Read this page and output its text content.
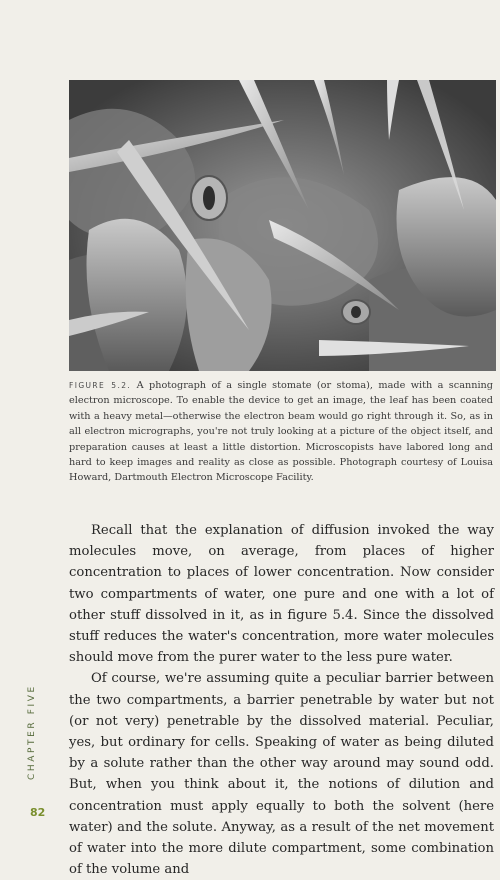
FIGURE 5.2. A photograph of a single stomate (or stoma), made with a scanning electron microscope. To enable the device to get an image, the leaf has been coated with a heavy metal—otherwise the electron beam would go right through it. So, as in all electron micrographs, you're not truly looking at a picture of the object itself, and preparation causes at least a little distortion. Microscopists have labored long and hard to keep images and reality as close as possible. Photograph courtesy of Louisa Howard, Dartmouth Electron Microscope Facility.

Recall that the explanation of diffusion invoked the way molecules move, on average, from places of higher concentration to places of lower concentration. Now consider two compartments of water, one pure and one with a lot of other stuff dissolved in it, as in figure 5.4. Since the dissolved stuff reduces the water's concentration, more water molecules should move from the purer water to the less pure water.

Of course, we're assuming quite a peculiar barrier between the two compartments, a barrier penetrable by water but not (or not very) penetrable by the dissolved material. Peculiar, yes, but ordinary for cells. Speaking of water as being diluted by a solute rather than the other way around may sound odd. But, when you think about it, the notions of dilution and concentration must apply equally to both the solvent (here water) and the solute. Anyway, as a result of the net movement of water into the more dilute compartment, some combination of the volume and

CHAPTER FIVE
82
